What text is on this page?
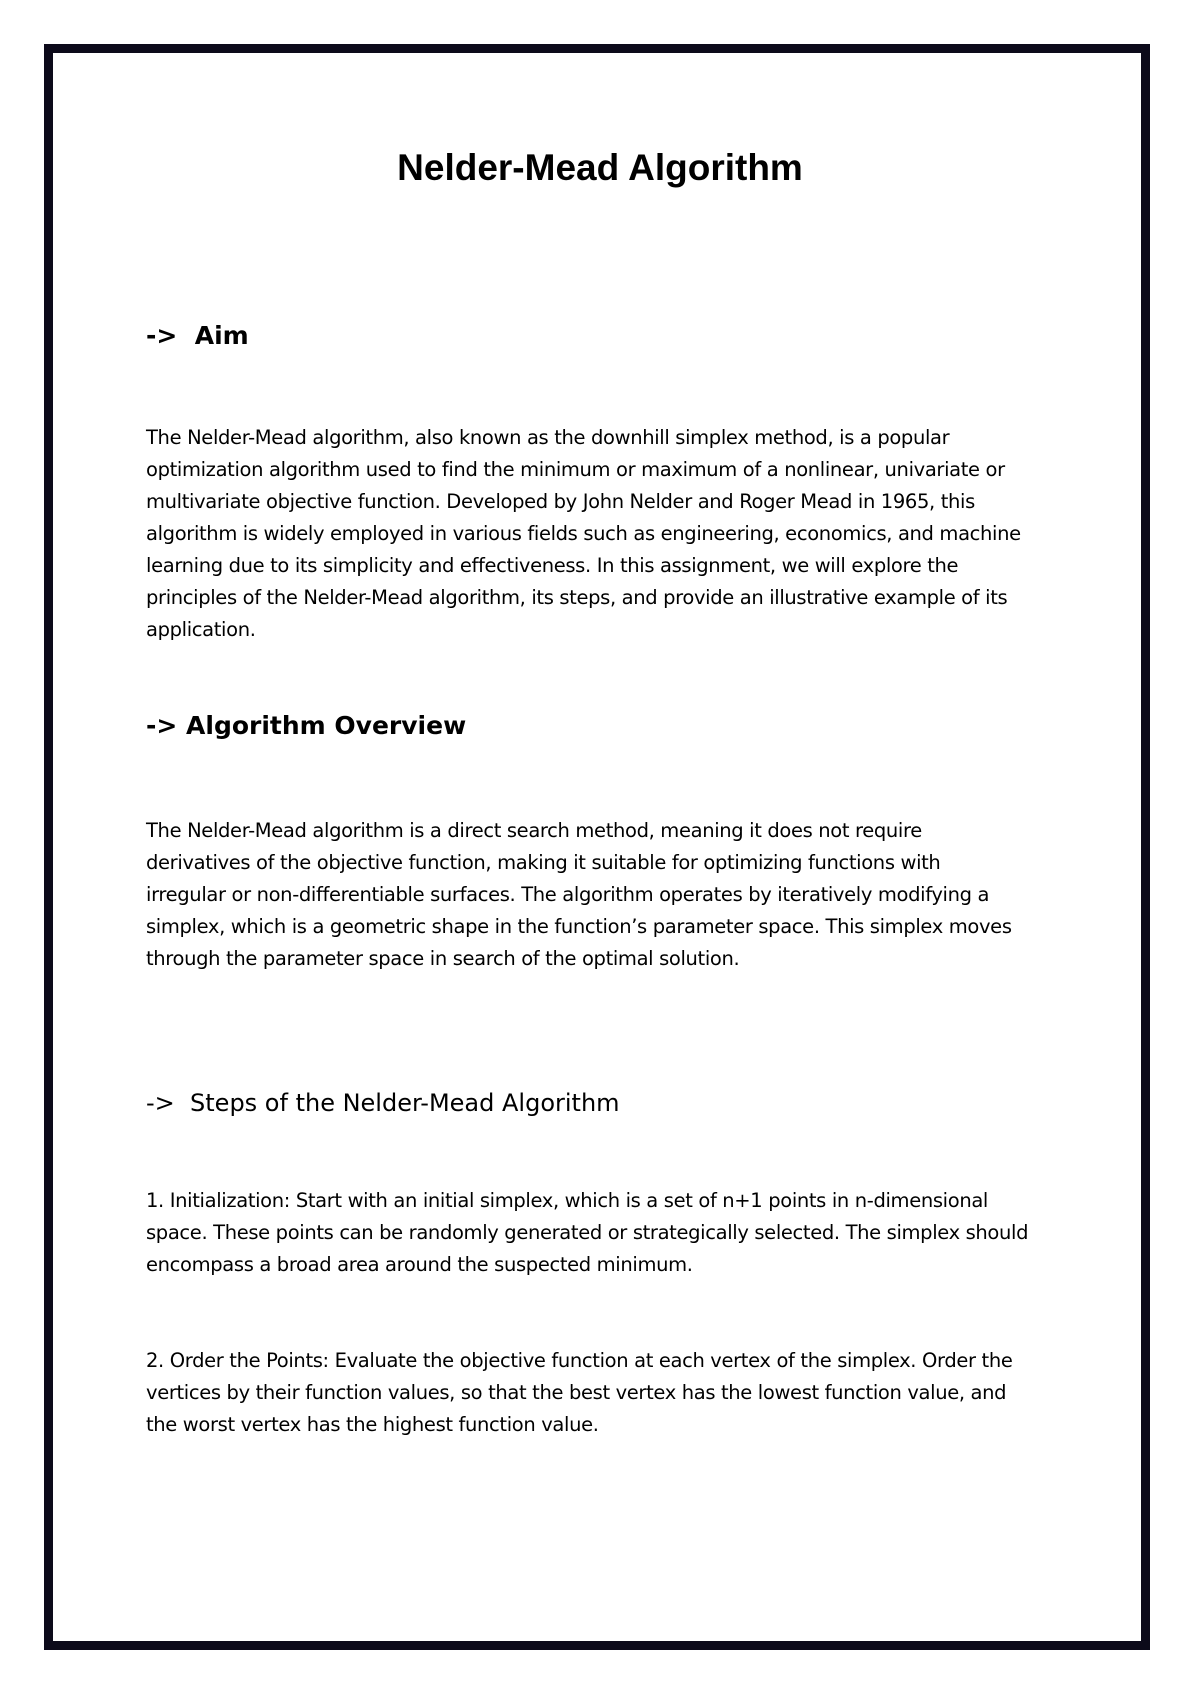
Nelder-Mead Algorithm
->  Aim
The Nelder-Mead algorithm, also known as the downhill simplex method, is a popular
optimization algorithm used to find the minimum or maximum of a nonlinear, univariate or
multivariate objective function. Developed by John Nelder and Roger Mead in 1965, this
algorithm is widely employed in various fields such as engineering, economics, and machine
learning due to its simplicity and effectiveness. In this assignment, we will explore the
principles of the Nelder-Mead algorithm, its steps, and provide an illustrative example of its
application.
-> Algorithm Overview
The Nelder-Mead algorithm is a direct search method, meaning it does not require
derivatives of the objective function, making it suitable for optimizing functions with
irregular or non-differentiable surfaces. The algorithm operates by iteratively modifying a
simplex, which is a geometric shape in the function’s parameter space. This simplex moves
through the parameter space in search of the optimal solution.
->  Steps of the Nelder-Mead Algorithm
1. Initialization: Start with an initial simplex, which is a set of n+1 points in n-dimensional
space. These points can be randomly generated or strategically selected. The simplex should
encompass a broad area around the suspected minimum.
2. Order the Points: Evaluate the objective function at each vertex of the simplex. Order the
vertices by their function values, so that the best vertex has the lowest function value, and
the worst vertex has the highest function value.
